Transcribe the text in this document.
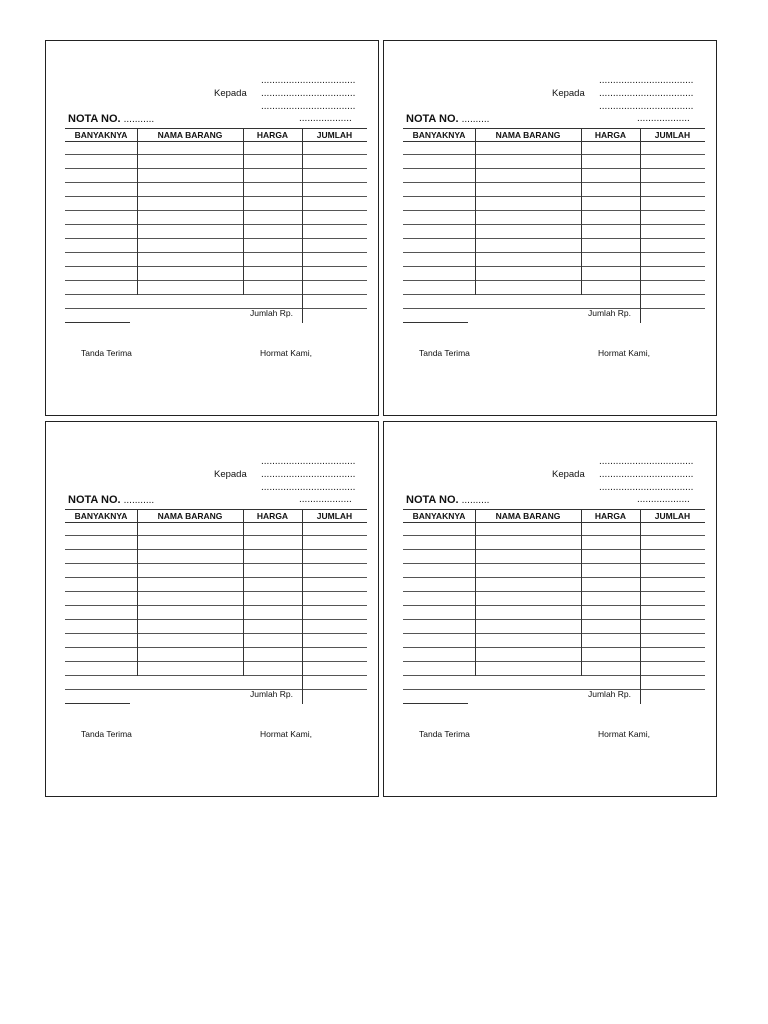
..................................
Kepada ..................................
..................................
NOTA NO. ...........	...................
BANYAKNYA	NAMA BARANG	HARGA	JUMLAH
Jumlah Rp.
Tanda Terima	Hormat Kami,
..................................
Kepada ..................................
..................................
NOTA NO. ..........	...................
BANYAKNYA	NAMA BARANG	HARGA	JUMLAH
Jumlah Rp.
Tanda Terima	Hormat Kami,
..................................
Kepada ..................................
..................................
NOTA NO. ...........	...................
BANYAKNYA	NAMA BARANG	HARGA	JUMLAH
Jumlah Rp.
Tanda Terima	Hormat Kami,
..................................
Kepada ..................................
..................................
NOTA NO. ..........	...................
BANYAKNYA	NAMA BARANG	HARGA	JUMLAH
Jumlah Rp.
Tanda Terima	Hormat Kami,
